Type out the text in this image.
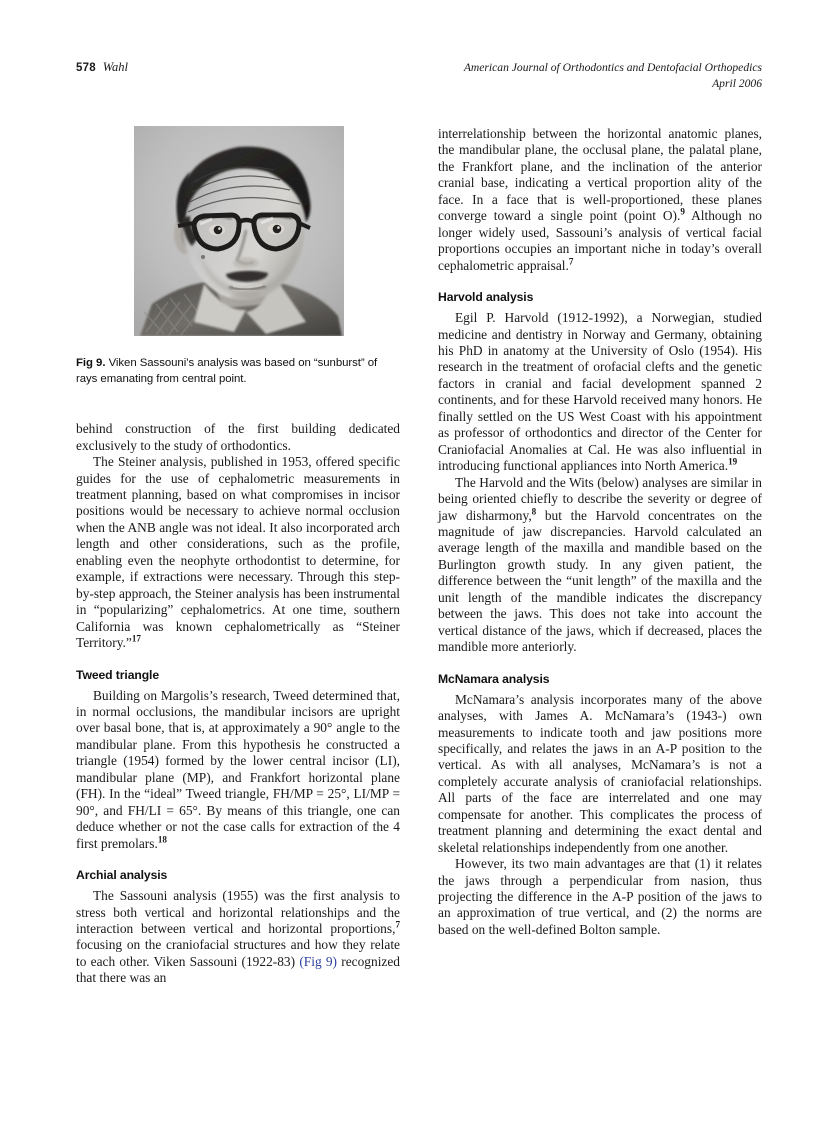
578 Wahl	American Journal of Orthodontics and Dentofacial Orthopedics
April 2006
Fig 9. Viken Sassouni’s analysis was based on “sunburst” of rays emanating from central point.

behind construction of the first building dedicated exclusively to the study of orthodontics.

The Steiner analysis, published in 1953, offered specific guides for the use of cephalometric measurements in treatment planning, based on what compromises in incisor positions would be necessary to achieve normal occlusion when the ANB angle was not ideal. It also incorporated arch length and other considerations, such as the profile, enabling even the neophyte orthodontist to determine, for example, if extractions were necessary. Through this step-by-step approach, the Steiner analysis has been instrumental in “popularizing” cephalometrics. At one time, southern California was known cephalometrically as “Steiner Territory.”$^{17}$

Tweed triangle

Building on Margolis’s research, Tweed determined that, in normal occlusions, the mandibular incisors are upright over basal bone, that is, at approximately a 90° angle to the mandibular plane. From this hypothesis he constructed a triangle (1954) formed by the lower central incisor (LI), mandibular plane (MP), and Frankfort horizontal plane (FH). In the “ideal” Tweed triangle, FH/MP = 25°, LI/MP = 90°, and FH/LI = 65°. By means of this triangle, one can deduce whether or not the case calls for extraction of the 4 first premolars.$^{18}$

Archial analysis

The Sassouni analysis (1955) was the first analysis to stress both vertical and horizontal relationships and the interaction between vertical and horizontal proportions,$^7$ focusing on the craniofacial structures and how they relate to each other. Viken Sassouni (1922-83) (Fig 9) recognized that there was an

interrelationship between the horizontal anatomic planes, the mandibular plane, the occlusal plane, the palatal plane, the Frankfort plane, and the inclination of the anterior cranial base, indicating a vertical proportion ality of the face. In a face that is well-proportioned, these planes converge toward a single point (point O).$^9$ Although no longer widely used, Sassouni’s analysis of vertical facial proportions occupies an important niche in today’s overall cephalometric appraisal.$^7$

Harvold analysis

Egil P. Harvold (1912-1992), a Norwegian, studied medicine and dentistry in Norway and Germany, obtaining his PhD in anatomy at the University of Oslo (1954). His research in the treatment of orofacial clefts and the genetic factors in cranial and facial development spanned 2 continents, and for these Harvold received many honors. He finally settled on the US West Coast with his appointment as professor of orthodontics and director of the Center for Craniofacial Anomalies at Cal. He was also influential in introducing functional appliances into North America.$^{19}$

The Harvold and the Wits (below) analyses are similar in being oriented chiefly to describe the severity or degree of jaw disharmony,$^8$ but the Harvold concentrates on the magnitude of jaw discrepancies. Harvold calculated an average length of the maxilla and mandible based on the Burlington growth study. In any given patient, the difference between the “unit length” of the maxilla and the unit length of the mandible indicates the discrepancy between the jaws. This does not take into account the vertical distance of the jaws, which if decreased, places the mandible more anteriorly.

McNamara analysis

McNamara’s analysis incorporates many of the above analyses, with James A. McNamara’s (1943-) own measurements to indicate tooth and jaw positions more specifically, and relates the jaws in an A-P position to the vertical. As with all analyses, McNamara’s is not a completely accurate analysis of craniofacial relationships. All parts of the face are interrelated and one may compensate for another. This complicates the process of treatment planning and determining the exact dental and skeletal relationships independently from one another.

However, its two main advantages are that (1) it relates the jaws through a perpendicular from nasion, thus projecting the difference in the A-P position of the jaws to an approximation of true vertical, and (2) the norms are based on the well-defined Bolton sample.
